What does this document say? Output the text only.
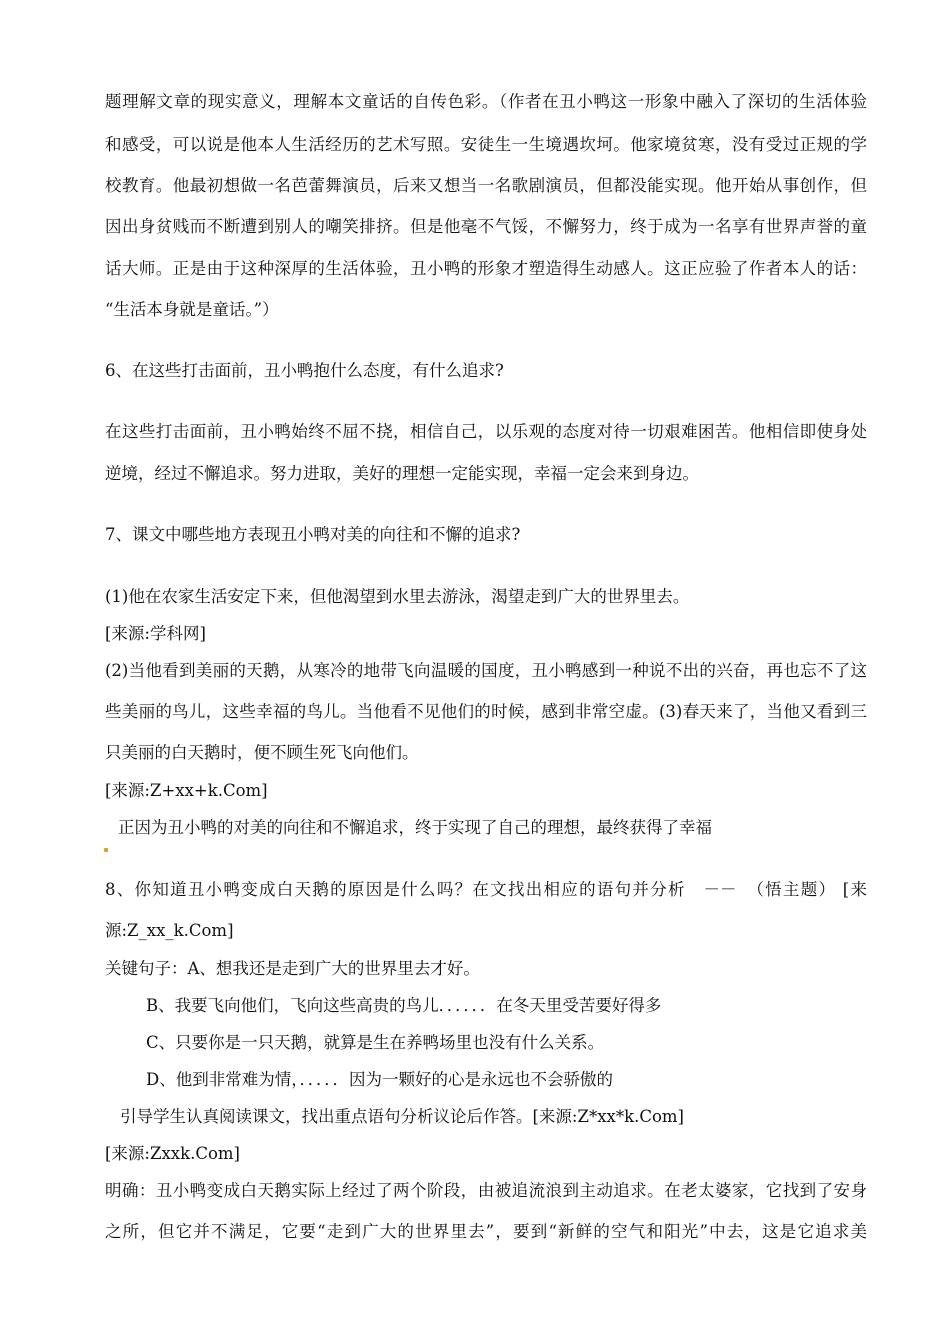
题理解文章的现实意义，理解本文童话的自传色彩。（作者在丑小鸭这一形象中融入了深切的生活体验
和感受，可以说是他本人生活经历的艺术写照。安徒生一生境遇坎坷。他家境贫寒，没有受过正规的学
校教育。他最初想做一名芭蕾舞演员，后来又想当一名歌剧演员，但都没能实现。他开始从事创作，但
因出身贫贱而不断遭到别人的嘲笑排挤。但是他毫不气馁，不懈努力，终于成为一名享有世界声誉的童
话大师。正是由于这种深厚的生活体验，丑小鸭的形象才塑造得生动感人。这正应验了作者本人的话：
“生活本身就是童话。”）
6、在这些打击面前，丑小鸭抱什么态度，有什么追求?
在这些打击面前，丑小鸭始终不屈不挠，相信自己，以乐观的态度对待一切艰难困苦。他相信即使身处
逆境，经过不懈追求。努力进取，美好的理想一定能实现，幸福一定会来到身边。
7、课文中哪些地方表现丑小鸭对美的向往和不懈的追求?
(1)他在农家生活安定下来，但他渴望到水里去游泳，渴望走到广大的世界里去。
[来源:学科网]
(2)当他看到美丽的天鹅，从寒冷的地带飞向温暖的国度，丑小鸭感到一种说不出的兴奋，再也忘不了这
些美丽的鸟儿，这些幸福的鸟儿。当他看不见他们的时候，感到非常空虚。(3)春天来了，当他又看到三
只美丽的白天鹅时，便不顾生死飞向他们。
[来源:Z+xx+k.Com]
正因为丑小鸭的对美的向往和不懈追求，终于实现了自己的理想，最终获得了幸福
8、你知道丑小鸭变成白天鹅的原因是什么吗？在文找出相应的语句并分析　－－　（悟主题） [来
源:Z_xx_k.Com]
关键句子：A、想我还是走到广大的世界里去才好。
B、我要飞向他们，飞向这些高贵的鸟儿．．．．．．在冬天里受苦要好得多
C、只要你是一只天鹅，就算是生在养鸭场里也没有什么关系。
D、他到非常难为情，．．．．．因为一颗好的心是永远也不会骄傲的
引导学生认真阅读课文，找出重点语句分析议论后作答。[来源:Z*xx*k.Com]
[来源:Zxxk.Com]
明确：丑小鸭变成白天鹅实际上经过了两个阶段，由被追流浪到主动追求。在老太婆家，它找到了安身
之所，但它并不满足，它要“走到广大的世界里去”，要到“新鲜的空气和阳光”中去，这是它追求美
